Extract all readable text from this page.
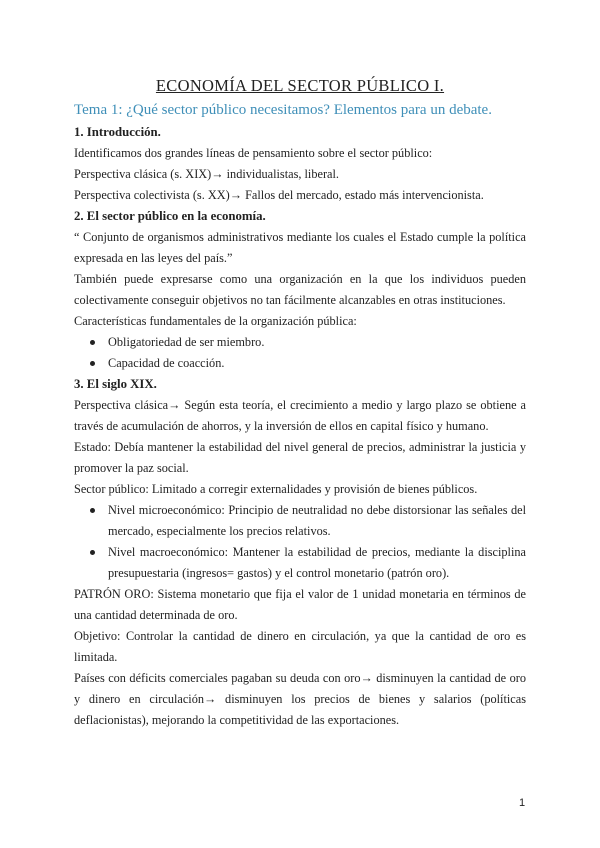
ECONOMÍA DEL SECTOR PÚBLICO I.
Tema 1: ¿Qué sector público necesitamos? Elementos para un debate.
1. Introducción.
Identificamos dos grandes líneas de pensamiento sobre el sector público:
Perspectiva clásica (s. XIX)→ individualistas, liberal.
Perspectiva colectivista (s. XX)→ Fallos del mercado, estado más intervencionista.
2. El sector público en la economía.
“ Conjunto de organismos administrativos mediante los cuales el Estado cumple la política expresada en las leyes del país.”
También puede expresarse como una organización en la que los individuos pueden colectivamente conseguir objetivos no tan fácilmente alcanzables en otras instituciones.
Características fundamentales de la organización pública:
Obligatoriedad de ser miembro.
Capacidad de coacción.
3. El siglo XIX.
Perspectiva clásica→ Según esta teoría, el crecimiento a medio y largo plazo se obtiene a través de acumulación de ahorros, y la inversión de ellos en capital físico y humano.
Estado: Debía mantener la estabilidad del nivel general de precios, administrar la justicia y promover la paz social.
Sector público: Limitado a corregir externalidades y provisión de bienes públicos.
Nivel microeconómico: Principio de neutralidad no debe distorsionar las señales del mercado, especialmente los precios relativos.
Nivel macroeconómico: Mantener la estabilidad de precios, mediante la disciplina presupuestaria (ingresos= gastos) y el control monetario (patrón oro).
PATRÓN ORO: Sistema monetario que fija el valor de 1 unidad monetaria en términos de una cantidad determinada de oro.
Objetivo: Controlar la cantidad de dinero en circulación, ya que la cantidad de oro es limitada.
Países con déficits comerciales pagaban su deuda con oro→ disminuyen la cantidad de oro y dinero en circulación→ disminuyen los precios de bienes y salarios (políticas deflacionistas), mejorando la competitividad de las exportaciones.
1
